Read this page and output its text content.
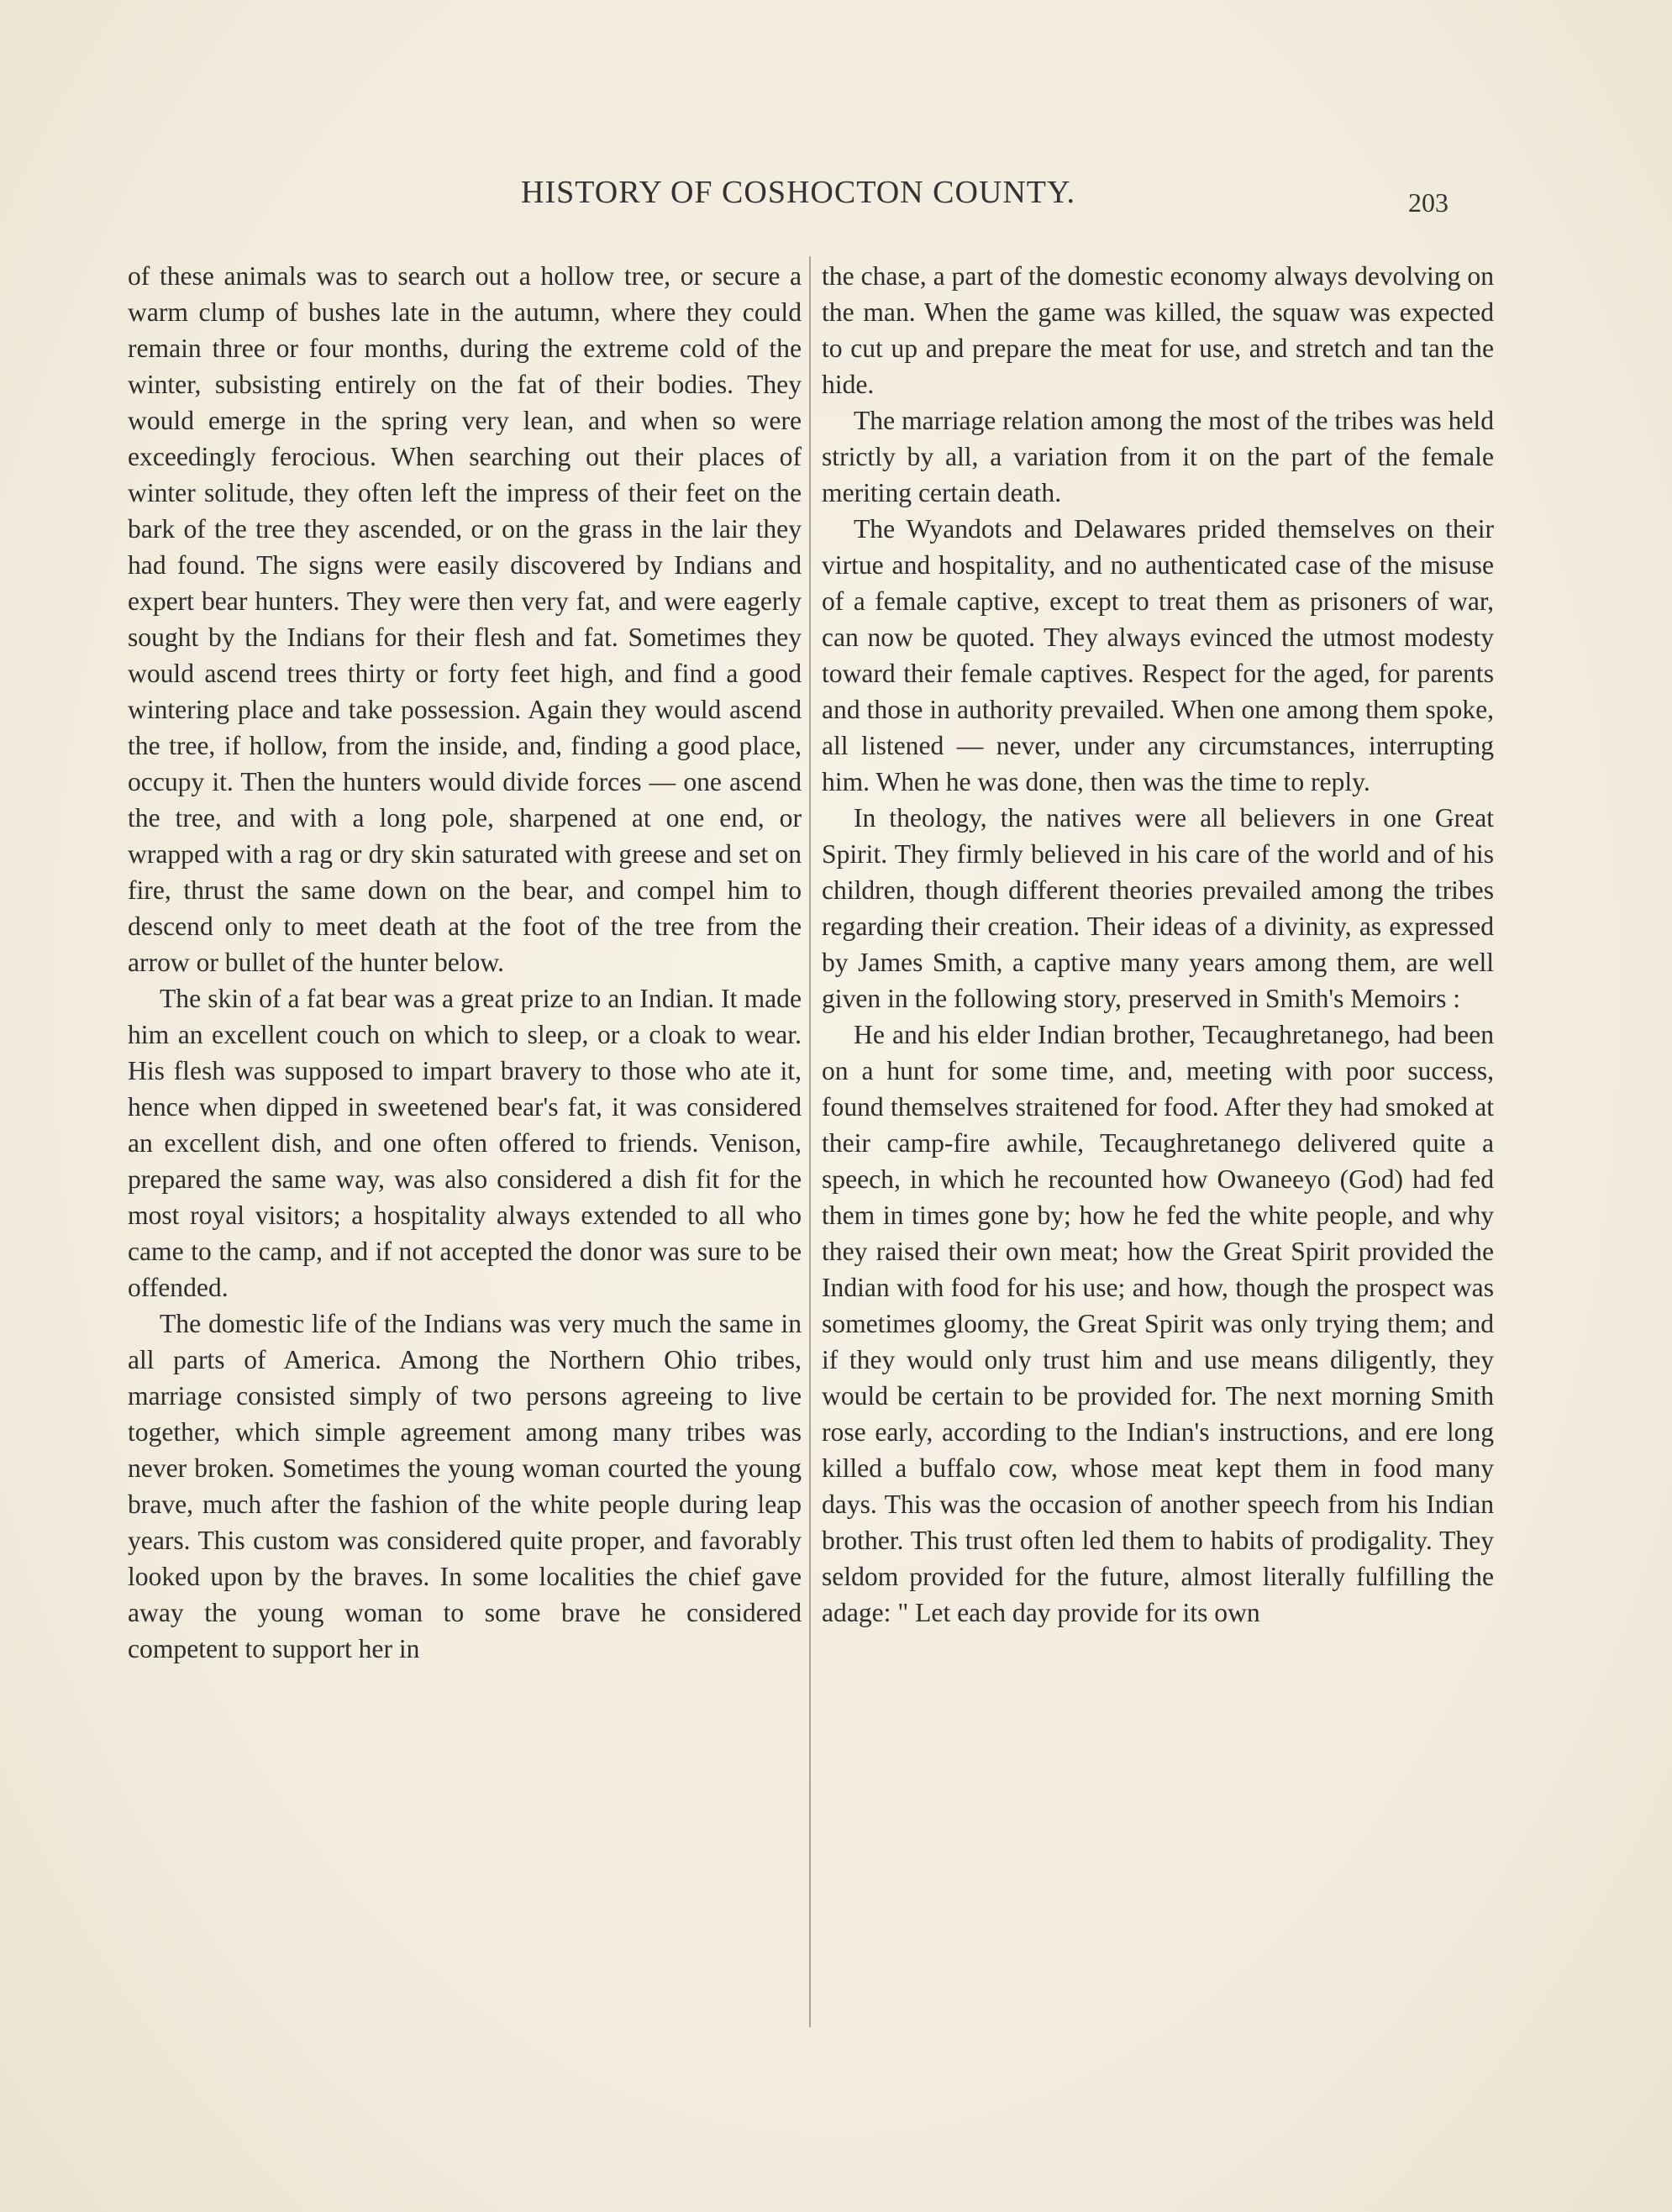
HISTORY OF COSHOCTON COUNTY.	203

of these animals was to search out a hollow tree, or secure a warm clump of bushes late in the autumn, where they could remain three or four months, during the extreme cold of the winter, subsisting entirely on the fat of their bodies. They would emerge in the spring very lean, and when so were exceedingly ferocious. When searching out their places of winter solitude, they often left the impress of their feet on the bark of the tree they ascended, or on the grass in the lair they had found. The signs were easily discovered by Indians and expert bear hunters. They were then very fat, and were eagerly sought by the Indians for their flesh and fat. Sometimes they would ascend trees thirty or forty feet high, and find a good wintering place and take possession. Again they would ascend the tree, if hollow, from the inside, and, finding a good place, occupy it. Then the hunters would divide forces — one ascend the tree, and with a long pole, sharpened at one end, or wrapped with a rag or dry skin saturated with greese and set on fire, thrust the same down on the bear, and compel him to descend only to meet death at the foot of the tree from the arrow or bullet of the hunter below.

The skin of a fat bear was a great prize to an Indian. It made him an excellent couch on which to sleep, or a cloak to wear. His flesh was supposed to impart bravery to those who ate it, hence when dipped in sweetened bear's fat, it was considered an excellent dish, and one often offered to friends. Venison, prepared the same way, was also considered a dish fit for the most royal visitors; a hospitality always extended to all who came to the camp, and if not accepted the donor was sure to be offended.

The domestic life of the Indians was very much the same in all parts of America. Among the Northern Ohio tribes, marriage consisted simply of two persons agreeing to live together, which simple agreement among many tribes was never broken. Sometimes the young woman courted the young brave, much after the fashion of the white people during leap years. This custom was considered quite proper, and favorably looked upon by the braves. In some localities the chief gave away the young woman to some brave he considered competent to support her in

the chase, a part of the domestic economy always devolving on the man. When the game was killed, the squaw was expected to cut up and prepare the meat for use, and stretch and tan the hide.

The marriage relation among the most of the tribes was held strictly by all, a variation from it on the part of the female meriting certain death.

The Wyandots and Delawares prided themselves on their virtue and hospitality, and no authenticated case of the misuse of a female captive, except to treat them as prisoners of war, can now be quoted. They always evinced the utmost modesty toward their female captives. Respect for the aged, for parents and those in authority prevailed. When one among them spoke, all listened — never, under any circumstances, interrupting him. When he was done, then was the time to reply.

In theology, the natives were all believers in one Great Spirit. They firmly believed in his care of the world and of his children, though different theories prevailed among the tribes regarding their creation. Their ideas of a divinity, as expressed by James Smith, a captive many years among them, are well given in the following story, preserved in Smith's Memoirs :

He and his elder Indian brother, Tecaughretanego, had been on a hunt for some time, and, meeting with poor success, found themselves straitened for food. After they had smoked at their camp-fire awhile, Tecaughretanego delivered quite a speech, in which he recounted how Owaneeyo (God) had fed them in times gone by; how he fed the white people, and why they raised their own meat; how the Great Spirit provided the Indian with food for his use; and how, though the prospect was sometimes gloomy, the Great Spirit was only trying them; and if they would only trust him and use means diligently, they would be certain to be provided for. The next morning Smith rose early, according to the Indian's instructions, and ere long killed a buffalo cow, whose meat kept them in food many days. This was the occasion of another speech from his Indian brother. This trust often led them to habits of prodigality. They seldom provided for the future, almost literally fulfilling the adage: " Let each day provide for its own
